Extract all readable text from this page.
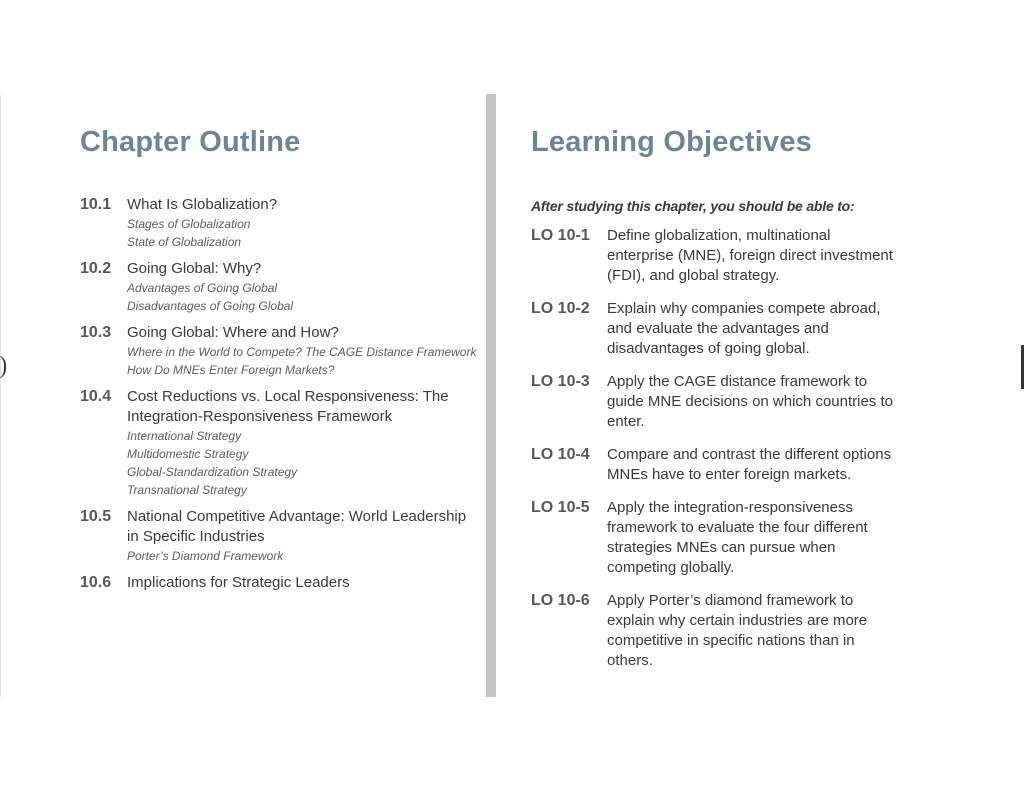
Chapter Outline
10.1 What Is Globalization?
Stages of Globalization
State of Globalization
10.2 Going Global: Why?
Advantages of Going Global
Disadvantages of Going Global
10.3 Going Global: Where and How?
Where in the World to Compete? The CAGE Distance Framework
How Do MNEs Enter Foreign Markets?
10.4 Cost Reductions vs. Local Responsiveness: The Integration-Responsiveness Framework
International Strategy
Multidomestic Strategy
Global-Standardization Strategy
Transnational Strategy
10.5 National Competitive Advantage: World Leadership in Specific Industries
Porter’s Diamond Framework
10.6 Implications for Strategic Leaders
Learning Objectives
After studying this chapter, you should be able to:
LO 10-1 Define globalization, multinational enterprise (MNE), foreign direct investment (FDI), and global strategy.
LO 10-2 Explain why companies compete abroad, and evaluate the advantages and disadvantages of going global.
LO 10-3 Apply the CAGE distance framework to guide MNE decisions on which countries to enter.
LO 10-4 Compare and contrast the different options MNEs have to enter foreign markets.
LO 10-5 Apply the integration-responsiveness framework to evaluate the four different strategies MNEs can pursue when competing globally.
LO 10-6 Apply Porter’s diamond framework to explain why certain industries are more competitive in specific nations than in others.
